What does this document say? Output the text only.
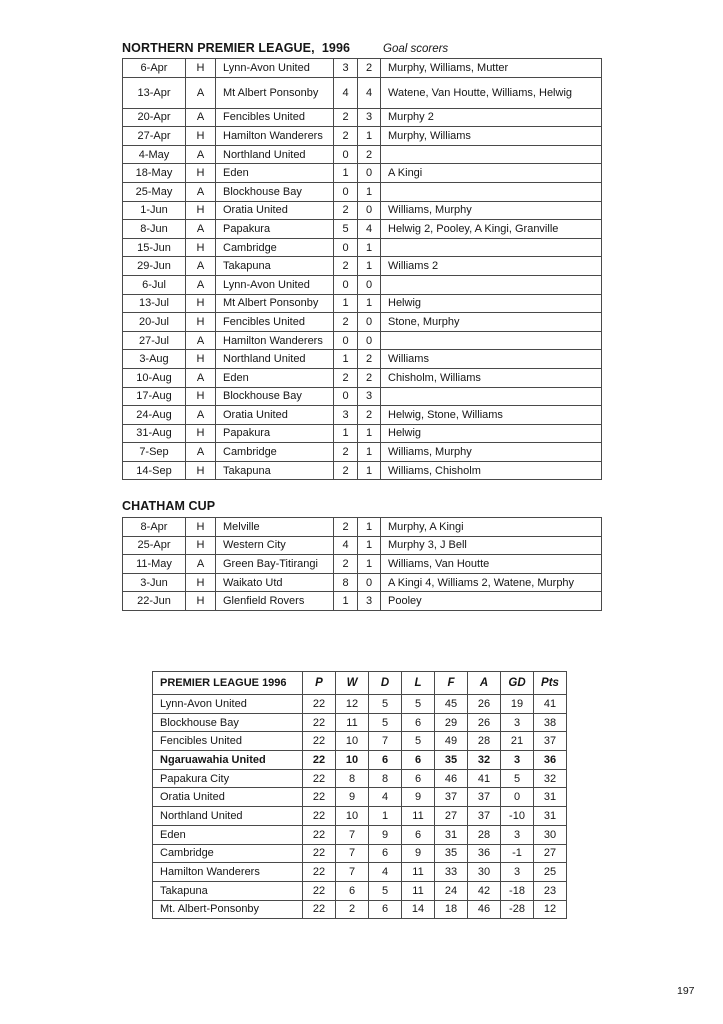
NORTHERN PREMIER LEAGUE,  1996	Goal scorers
6-Apr	H	Lynn-Avon United	3	2	Murphy, Williams, Mutter
13-Apr	A	Mt Albert Ponsonby	4	4	Watene, Van Houtte, Williams, Helwig
20-Apr	A	Fencibles United	2	3	Murphy 2
27-Apr	H	Hamilton Wanderers	2	1	Murphy, Williams
4-May	A	Northland United	0	2	
18-May	H	Eden	1	0	A Kingi
25-May	A	Blockhouse Bay	0	1	
1-Jun	H	Oratia United	2	0	Williams, Murphy
8-Jun	A	Papakura	5	4	Helwig 2, Pooley, A Kingi, Granville
15-Jun	H	Cambridge	0	1	
29-Jun	A	Takapuna	2	1	Williams 2
6-Jul	A	Lynn-Avon United	0	0	
13-Jul	H	Mt Albert Ponsonby	1	1	Helwig
20-Jul	H	Fencibles United	2	0	Stone, Murphy
27-Jul	A	Hamilton Wanderers	0	0	
3-Aug	H	Northland United	1	2	Williams
10-Aug	A	Eden	2	2	Chisholm, Williams
17-Aug	H	Blockhouse Bay	0	3	
24-Aug	A	Oratia United	3	2	Helwig, Stone, Williams
31-Aug	H	Papakura	1	1	Helwig
7-Sep	A	Cambridge	2	1	Williams, Murphy
14-Sep	H	Takapuna	2	1	Williams, Chisholm
CHATHAM CUP
8-Apr	H	Melville	2	1	Murphy, A Kingi
25-Apr	H	Western City	4	1	Murphy 3, J Bell
11-May	A	Green Bay-Titirangi	2	1	Williams, Van Houtte
3-Jun	H	Waikato Utd	8	0	A Kingi 4, Williams 2, Watene, Murphy
22-Jun	H	Glenfield Rovers	1	3	Pooley
PREMIER LEAGUE 1996	P	W	D	L	F	A	GD	Pts
Lynn-Avon United	22	12	5	5	45	26	19	41
Blockhouse Bay	22	11	5	6	29	26	3	38
Fencibles United	22	10	7	5	49	28	21	37
Ngaruawahia United	22	10	6	6	35	32	3	36
Papakura City	22	8	8	6	46	41	5	32
Oratia United	22	9	4	9	37	37	0	31
Northland United	22	10	1	11	27	37	-10	31
Eden	22	7	9	6	31	28	3	30
Cambridge	22	7	6	9	35	36	-1	27
Hamilton Wanderers	22	7	4	11	33	30	3	25
Takapuna	22	6	5	11	24	42	-18	23
Mt. Albert-Ponsonby	22	2	6	14	18	46	-28	12
197
